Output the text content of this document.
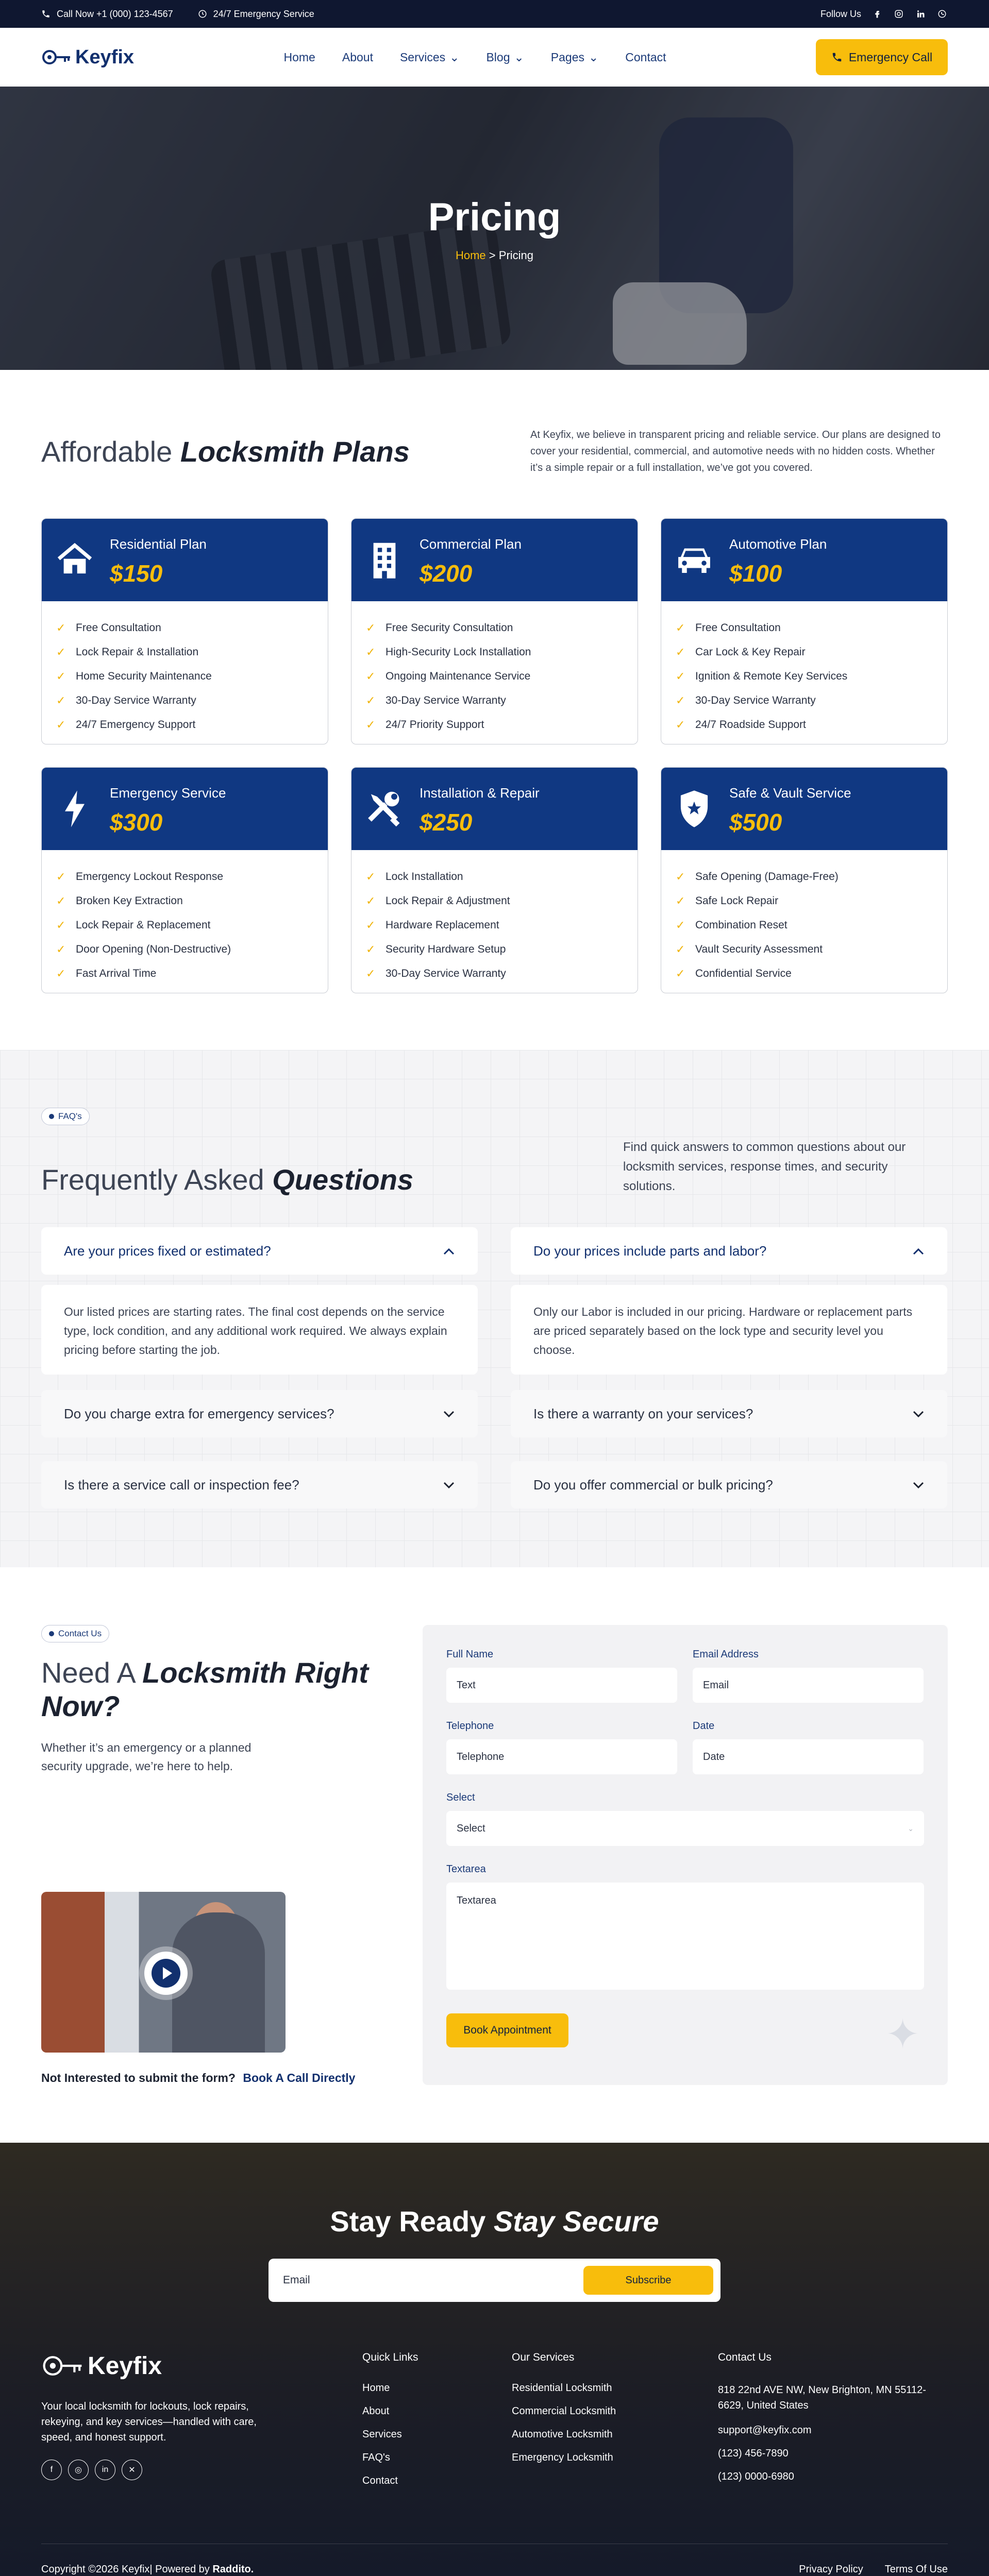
Call Now +1 (000) 123-4567	24/7 Emergency Service	Follow Us
Keyfix	Home About Services ⌄ Blog ⌄ Pages ⌄ Contact	Emergency Call
Pricing
Home > Pricing
Affordable Locksmith Plans

At Keyfix, we believe in transparent pricing and reliable service. Our plans are designed to cover your residential, commercial, and automotive needs with no hidden costs. Whether it’s a simple repair or a full installation, we’ve got you covered.

Residential Plan
$150
✓ Free Consultation
✓ Lock Repair & Installation
✓ Home Security Maintenance
✓ 30-Day Service Warranty
✓ 24/7 Emergency Support
Commercial Plan
$200
✓ Free Security Consultation
✓ High-Security Lock Installation
✓ Ongoing Maintenance Service
✓ 30-Day Service Warranty
✓ 24/7 Priority Support
Automotive Plan
$100
✓ Free Consultation
✓ Car Lock & Key Repair
✓ Ignition & Remote Key Services
✓ 30-Day Service Warranty
✓ 24/7 Roadside Support
Emergency Service
$300
✓ Emergency Lockout Response
✓ Broken Key Extraction
✓ Lock Repair & Replacement
✓ Door Opening (Non-Destructive)
✓ Fast Arrival Time
Installation & Repair
$250
✓ Lock Installation
✓ Lock Repair & Adjustment
✓ Hardware Replacement
✓ Security Hardware Setup
✓ 30-Day Service Warranty
Safe & Vault Service
$500
✓ Safe Opening (Damage-Free)
✓ Safe Lock Repair
✓ Combination Reset
✓ Vault Security Assessment
✓ Confidential Service
FAQ's
Frequently Asked Questions

Find quick answers to common questions about our locksmith services, response times, and security solutions.

Are your prices fixed or estimated?
Our listed prices are starting rates. The final cost depends on the service type, lock condition, and any additional work required. We always explain pricing before starting the job.
Do you charge extra for emergency services?
Is there a service call or inspection fee?
Do your prices include parts and labor?
Only our Labor is included in our pricing. Hardware or replacement parts are priced separately based on the lock type and security level you choose.
Is there a warranty on your services?
Do you offer commercial or bulk pricing?
Contact Us
Need A Locksmith Right Now?

Whether it’s an emergency or a planned security upgrade, we’re here to help.

Not Interested to submit the form? Book A Call Directly
Full Name
Text
Email Address
Email
Telephone
Telephone
Date
Date
Select
Select	⌄
Textarea
Textarea
Book Appointment	✦
Stay Ready Stay Secure
Email	Subscribe
Keyfix

Your local locksmith for lockouts, lock repairs, rekeying, and key services—handled with care, speed, and honest support.

f	◎	in	✕
Quick Links
Home
About
Services
FAQ's
Contact
Our Services
Residential Locksmith
Commercial Locksmith
Automotive Locksmith
Emergency Locksmith
Contact Us
818 22nd AVE NW, New Brighton, MN 55112-6629, United States
support@keyfix.com
(123) 456-7890
(123) 0000-6980
Copyright ©2026 Keyfix| Powered by Raddito.	Privacy Policy Terms Of Use
